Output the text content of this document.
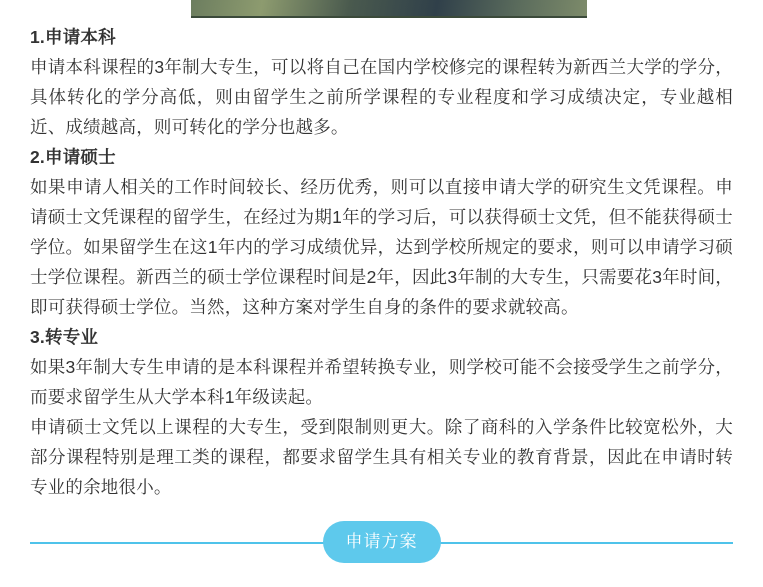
1.申请本科

申请本科课程的3年制大专生，可以将自己在国内学校修完的课程转为新西兰大学的学分，具体转化的学分高低，则由留学生之前所学课程的专业程度和学习成绩决定，专业越相近、成绩越高，则可转化的学分也越多。

2.申请硕士

如果申请人相关的工作时间较长、经历优秀，则可以直接申请大学的研究生文凭课程。申请硕士文凭课程的留学生，在经过为期1年的学习后，可以获得硕士文凭，但不能获得硕士学位。如果留学生在这1年内的学习成绩优异，达到学校所规定的要求，则可以申请学习硕士学位课程。新西兰的硕士学位课程时间是2年，因此3年制的大专生，只需要花3年时间，即可获得硕士学位。当然，这种方案对学生自身的条件的要求就较高。

3.转专业

如果3年制大专生申请的是本科课程并希望转换专业，则学校可能不会接受学生之前学分，而要求留学生从大学本科1年级读起。

申请硕士文凭以上课程的大专生，受到限制则更大。除了商科的入学条件比较宽松外，大部分课程特别是理工类的课程，都要求留学生具有相关专业的教育背景，因此在申请时转专业的余地很小。

申请方案
